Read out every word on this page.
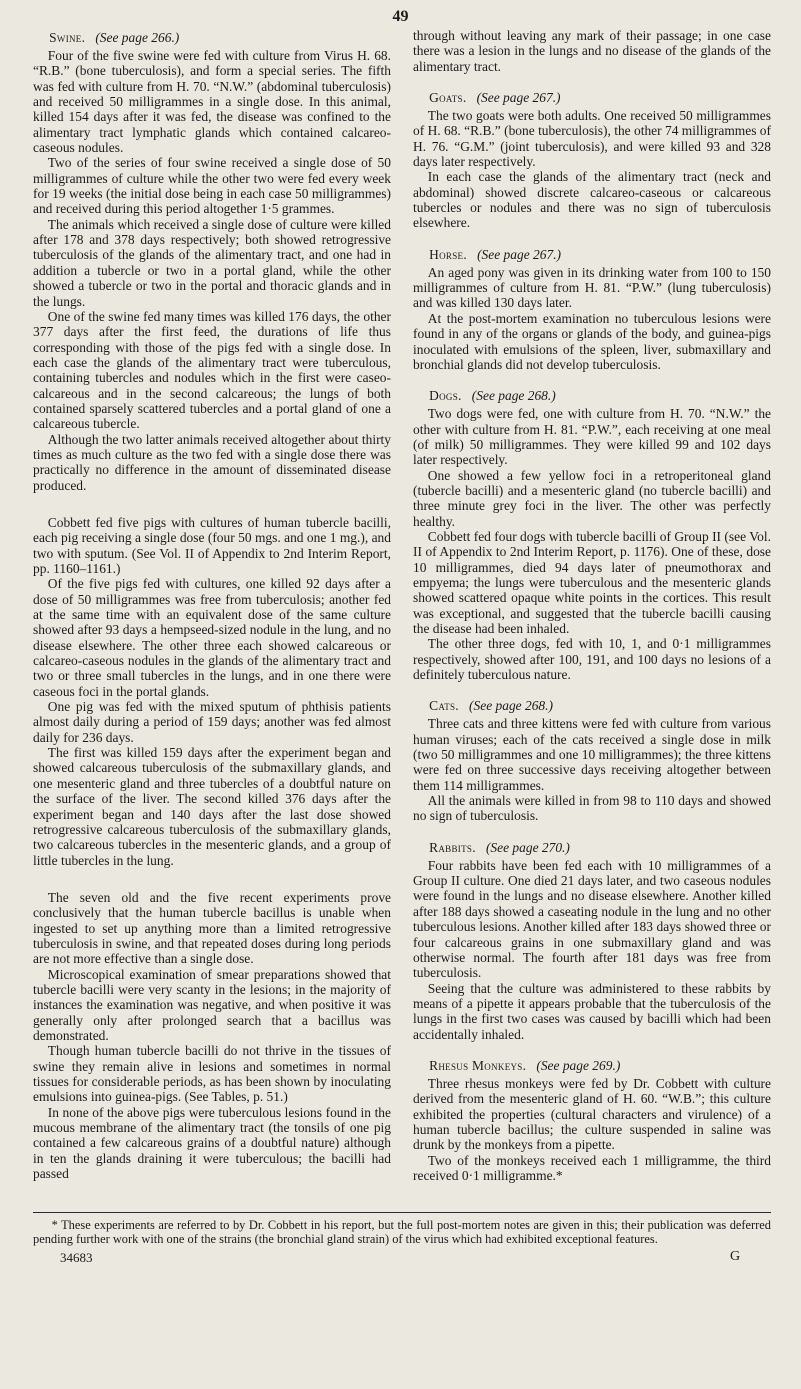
49
Swine. (See page 266.)

Four of the five swine were fed with culture from Virus H. 68. “R.B.” (bone tuberculosis), and form a special series. The fifth was fed with culture from H. 70. “N.W.” (abdominal tuberculosis) and received 50 milligrammes in a single dose. In this animal, killed 154 days after it was fed, the disease was confined to the alimentary tract lymphatic glands which contained calcareo-caseous nodules.

Two of the series of four swine received a single dose of 50 milligrammes of culture while the other two were fed every week for 19 weeks (the initial dose being in each case 50 milligrammes) and received during this period altogether 1·5 grammes.

The animals which received a single dose of culture were killed after 178 and 378 days respectively; both showed retrogressive tuberculosis of the glands of the alimentary tract, and one had in addition a tubercle or two in a portal gland, while the other showed a tubercle or two in the portal and thoracic glands and in the lungs.

One of the swine fed many times was killed 176 days, the other 377 days after the first feed, the durations of life thus corresponding with those of the pigs fed with a single dose. In each case the glands of the alimentary tract were tuberculous, containing tubercles and nodules which in the first were caseo-calcareous and in the second calcareous; the lungs of both contained sparsely scattered tubercles and a portal gland of one a calcareous tubercle.

Although the two latter animals received altogether about thirty times as much culture as the two fed with a single dose there was practically no difference in the amount of disseminated disease produced.

Cobbett fed five pigs with cultures of human tubercle bacilli, each pig receiving a single dose (four 50 mgs. and one 1 mg.), and two with sputum. (See Vol. II of Appendix to 2nd Interim Report, pp. 1160–1161.)

Of the five pigs fed with cultures, one killed 92 days after a dose of 50 milligrammes was free from tuberculosis; another fed at the same time with an equivalent dose of the same culture showed after 93 days a hempseed-sized nodule in the lung, and no disease elsewhere. The other three each showed calcareous or calcareo-caseous nodules in the glands of the alimentary tract and two or three small tubercles in the lungs, and in one there were caseous foci in the portal glands.

One pig was fed with the mixed sputum of phthisis patients almost daily during a period of 159 days; another was fed almost daily for 236 days.

The first was killed 159 days after the experiment began and showed calcareous tuberculosis of the submaxillary glands, and one mesenteric gland and three tubercles of a doubtful nature on the surface of the liver. The second killed 376 days after the experiment began and 140 days after the last dose showed retrogressive calcareous tuberculosis of the submaxillary glands, two calcareous tubercles in the mesenteric glands, and a group of little tubercles in the lung.

The seven old and the five recent experiments prove conclusively that the human tubercle bacillus is unable when ingested to set up anything more than a limited retrogressive tuberculosis in swine, and that repeated doses during long periods are not more effective than a single dose.

Microscopical examination of smear preparations showed that tubercle bacilli were very scanty in the lesions; in the majority of instances the examination was negative, and when positive it was generally only after prolonged search that a bacillus was demonstrated.

Though human tubercle bacilli do not thrive in the tissues of swine they remain alive in lesions and sometimes in normal tissues for considerable periods, as has been shown by inoculating emulsions into guinea-pigs. (See Tables, p. 51.)

In none of the above pigs were tuberculous lesions found in the mucous membrane of the alimentary tract (the tonsils of one pig contained a few calcareous grains of a doubtful nature) although in ten the glands draining it were tuberculous; the bacilli had passed

through without leaving any mark of their passage; in one case there was a lesion in the lungs and no disease of the glands of the alimentary tract.

Goats. (See page 267.)

The two goats were both adults. One received 50 milligrammes of H. 68. “R.B.” (bone tuberculosis), the other 74 milligrammes of H. 76. “G.M.” (joint tuberculosis), and were killed 93 and 328 days later respectively.

In each case the glands of the alimentary tract (neck and abdominal) showed discrete calcareo-caseous or calcareous tubercles or nodules and there was no sign of tuberculosis elsewhere.

Horse. (See page 267.)

An aged pony was given in its drinking water from 100 to 150 milligrammes of culture from H. 81. “P.W.” (lung tuberculosis) and was killed 130 days later.

At the post-mortem examination no tuberculous lesions were found in any of the organs or glands of the body, and guinea-pigs inoculated with emulsions of the spleen, liver, submaxillary and bronchial glands did not develop tuberculosis.

Dogs. (See page 268.)

Two dogs were fed, one with culture from H. 70. “N.W.” the other with culture from H. 81. “P.W.”, each receiving at one meal (of milk) 50 milligrammes. They were killed 99 and 102 days later respectively.

One showed a few yellow foci in a retroperitoneal gland (tubercle bacilli) and a mesenteric gland (no tubercle bacilli) and three minute grey foci in the liver. The other was perfectly healthy.

Cobbett fed four dogs with tubercle bacilli of Group II (see Vol. II of Appendix to 2nd Interim Report, p. 1176). One of these, dose 10 milligrammes, died 94 days later of pneumothorax and empyema; the lungs were tuberculous and the mesenteric glands showed scattered opaque white points in the cortices. This result was exceptional, and suggested that the tubercle bacilli causing the disease had been inhaled.

The other three dogs, fed with 10, 1, and 0·1 milligrammes respectively, showed after 100, 191, and 100 days no lesions of a definitely tuberculous nature.

Cats. (See page 268.)

Three cats and three kittens were fed with culture from various human viruses; each of the cats received a single dose in milk (two 50 milligrammes and one 10 milligrammes); the three kittens were fed on three successive days receiving altogether between them 114 milligrammes.

All the animals were killed in from 98 to 110 days and showed no sign of tuberculosis.

Rabbits. (See page 270.)

Four rabbits have been fed each with 10 milligrammes of a Group II culture. One died 21 days later, and two caseous nodules were found in the lungs and no disease elsewhere. Another killed after 188 days showed a caseating nodule in the lung and no other tuberculous lesions. Another killed after 183 days showed three or four calcareous grains in one submaxillary gland and was otherwise normal. The fourth after 181 days was free from tuberculosis.

Seeing that the culture was administered to these rabbits by means of a pipette it appears probable that the tuberculosis of the lungs in the first two cases was caused by bacilli which had been accidentally inhaled.

Rhesus Monkeys. (See page 269.)

Three rhesus monkeys were fed by Dr. Cobbett with culture derived from the mesenteric gland of H. 60. “W.B.”; this culture exhibited the properties (cultural characters and virulence) of a human tubercle bacillus; the culture suspended in saline was drunk by the monkeys from a pipette.

Two of the monkeys received each 1 milligramme, the third received 0·1 milligramme.*

* These experiments are referred to by Dr. Cobbett in his report, but the full post-mortem notes are given in this; their publication was deferred pending further work with one of the strains (the bronchial gland strain) of the virus which had exhibited exceptional features.
34683	G
